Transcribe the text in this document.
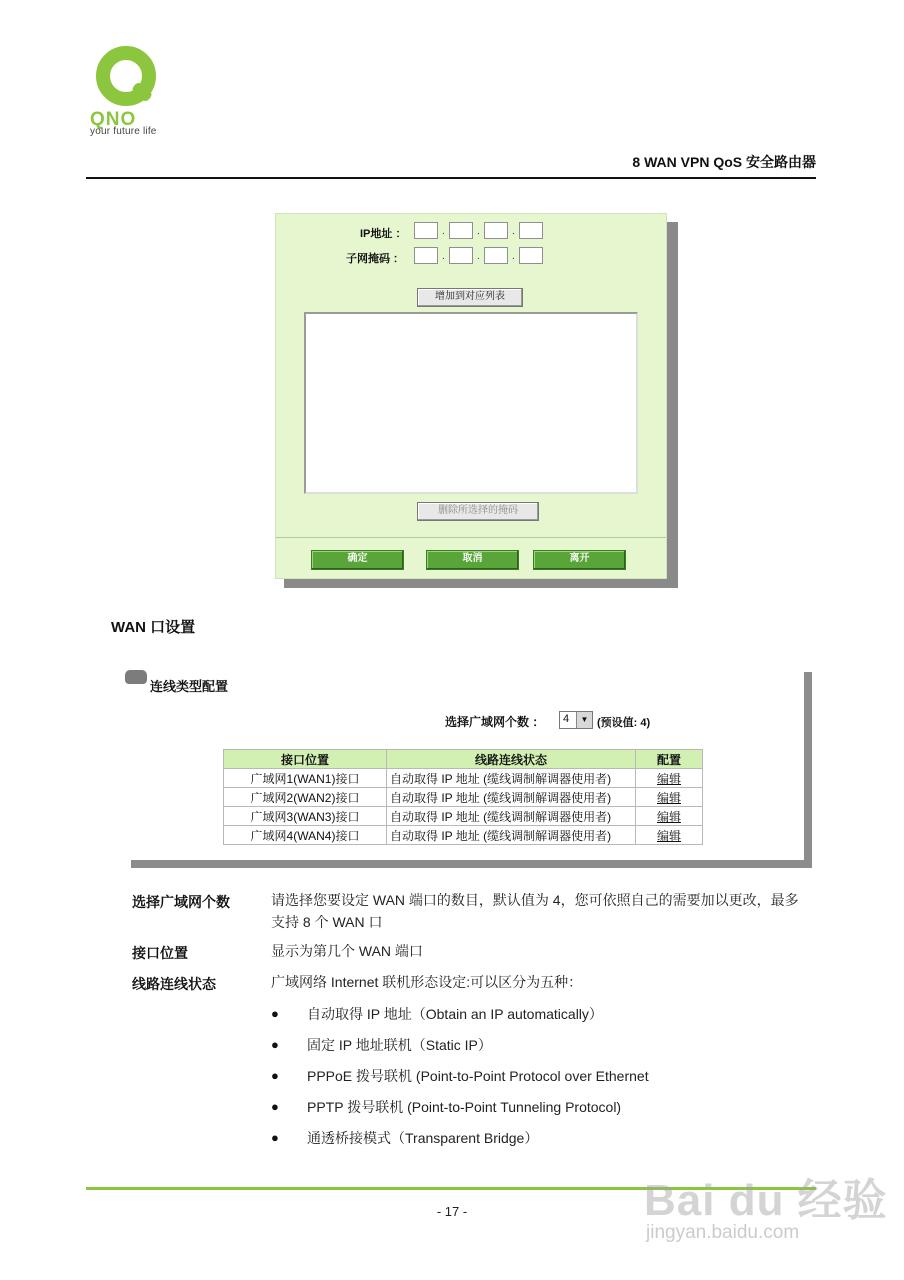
QNO
your future life
8 WAN VPN QoS 安全路由器
IP地址 ：	.	.	.
子网掩码 ：	.	.	.
增加到对应列表
删除所选择的掩码
确定	取消	离开
WAN 口设置
连线类型配置
选择广域网个数 ： 4	▼ (预设值: 4)
接口位置	线路连线状态	配置
广域网1(WAN1)接口	自动取得 IP 地址 (缆线调制解调器使用者)	编辑
广域网2(WAN2)接口	自动取得 IP 地址 (缆线调制解调器使用者)	编辑
广域网3(WAN3)接口	自动取得 IP 地址 (缆线调制解调器使用者)	编辑
广域网4(WAN4)接口	自动取得 IP 地址 (缆线调制解调器使用者)	编辑
选择广域网个数	请选择您要设定 WAN 端口的数目，默认值为 4，您可依照自己的需要加以更改，最多支持 8 个 WAN 口
接口位置	显示为第几个 WAN 端口
线路连线状态	广域网络 Internet 联机形态设定:可以区分为五种：
● 自动取得 IP 地址（Obtain an IP automatically）
● 固定 IP 地址联机（Static IP）
● PPPoE 拨号联机 (Point-to-Point Protocol over Ethernet
● PPTP 拨号联机 (Point-to-Point Tunneling Protocol)
● 通透桥接模式（Transparent Bridge）
- 17 -	Bai du 经验
jingyan.baidu.com
